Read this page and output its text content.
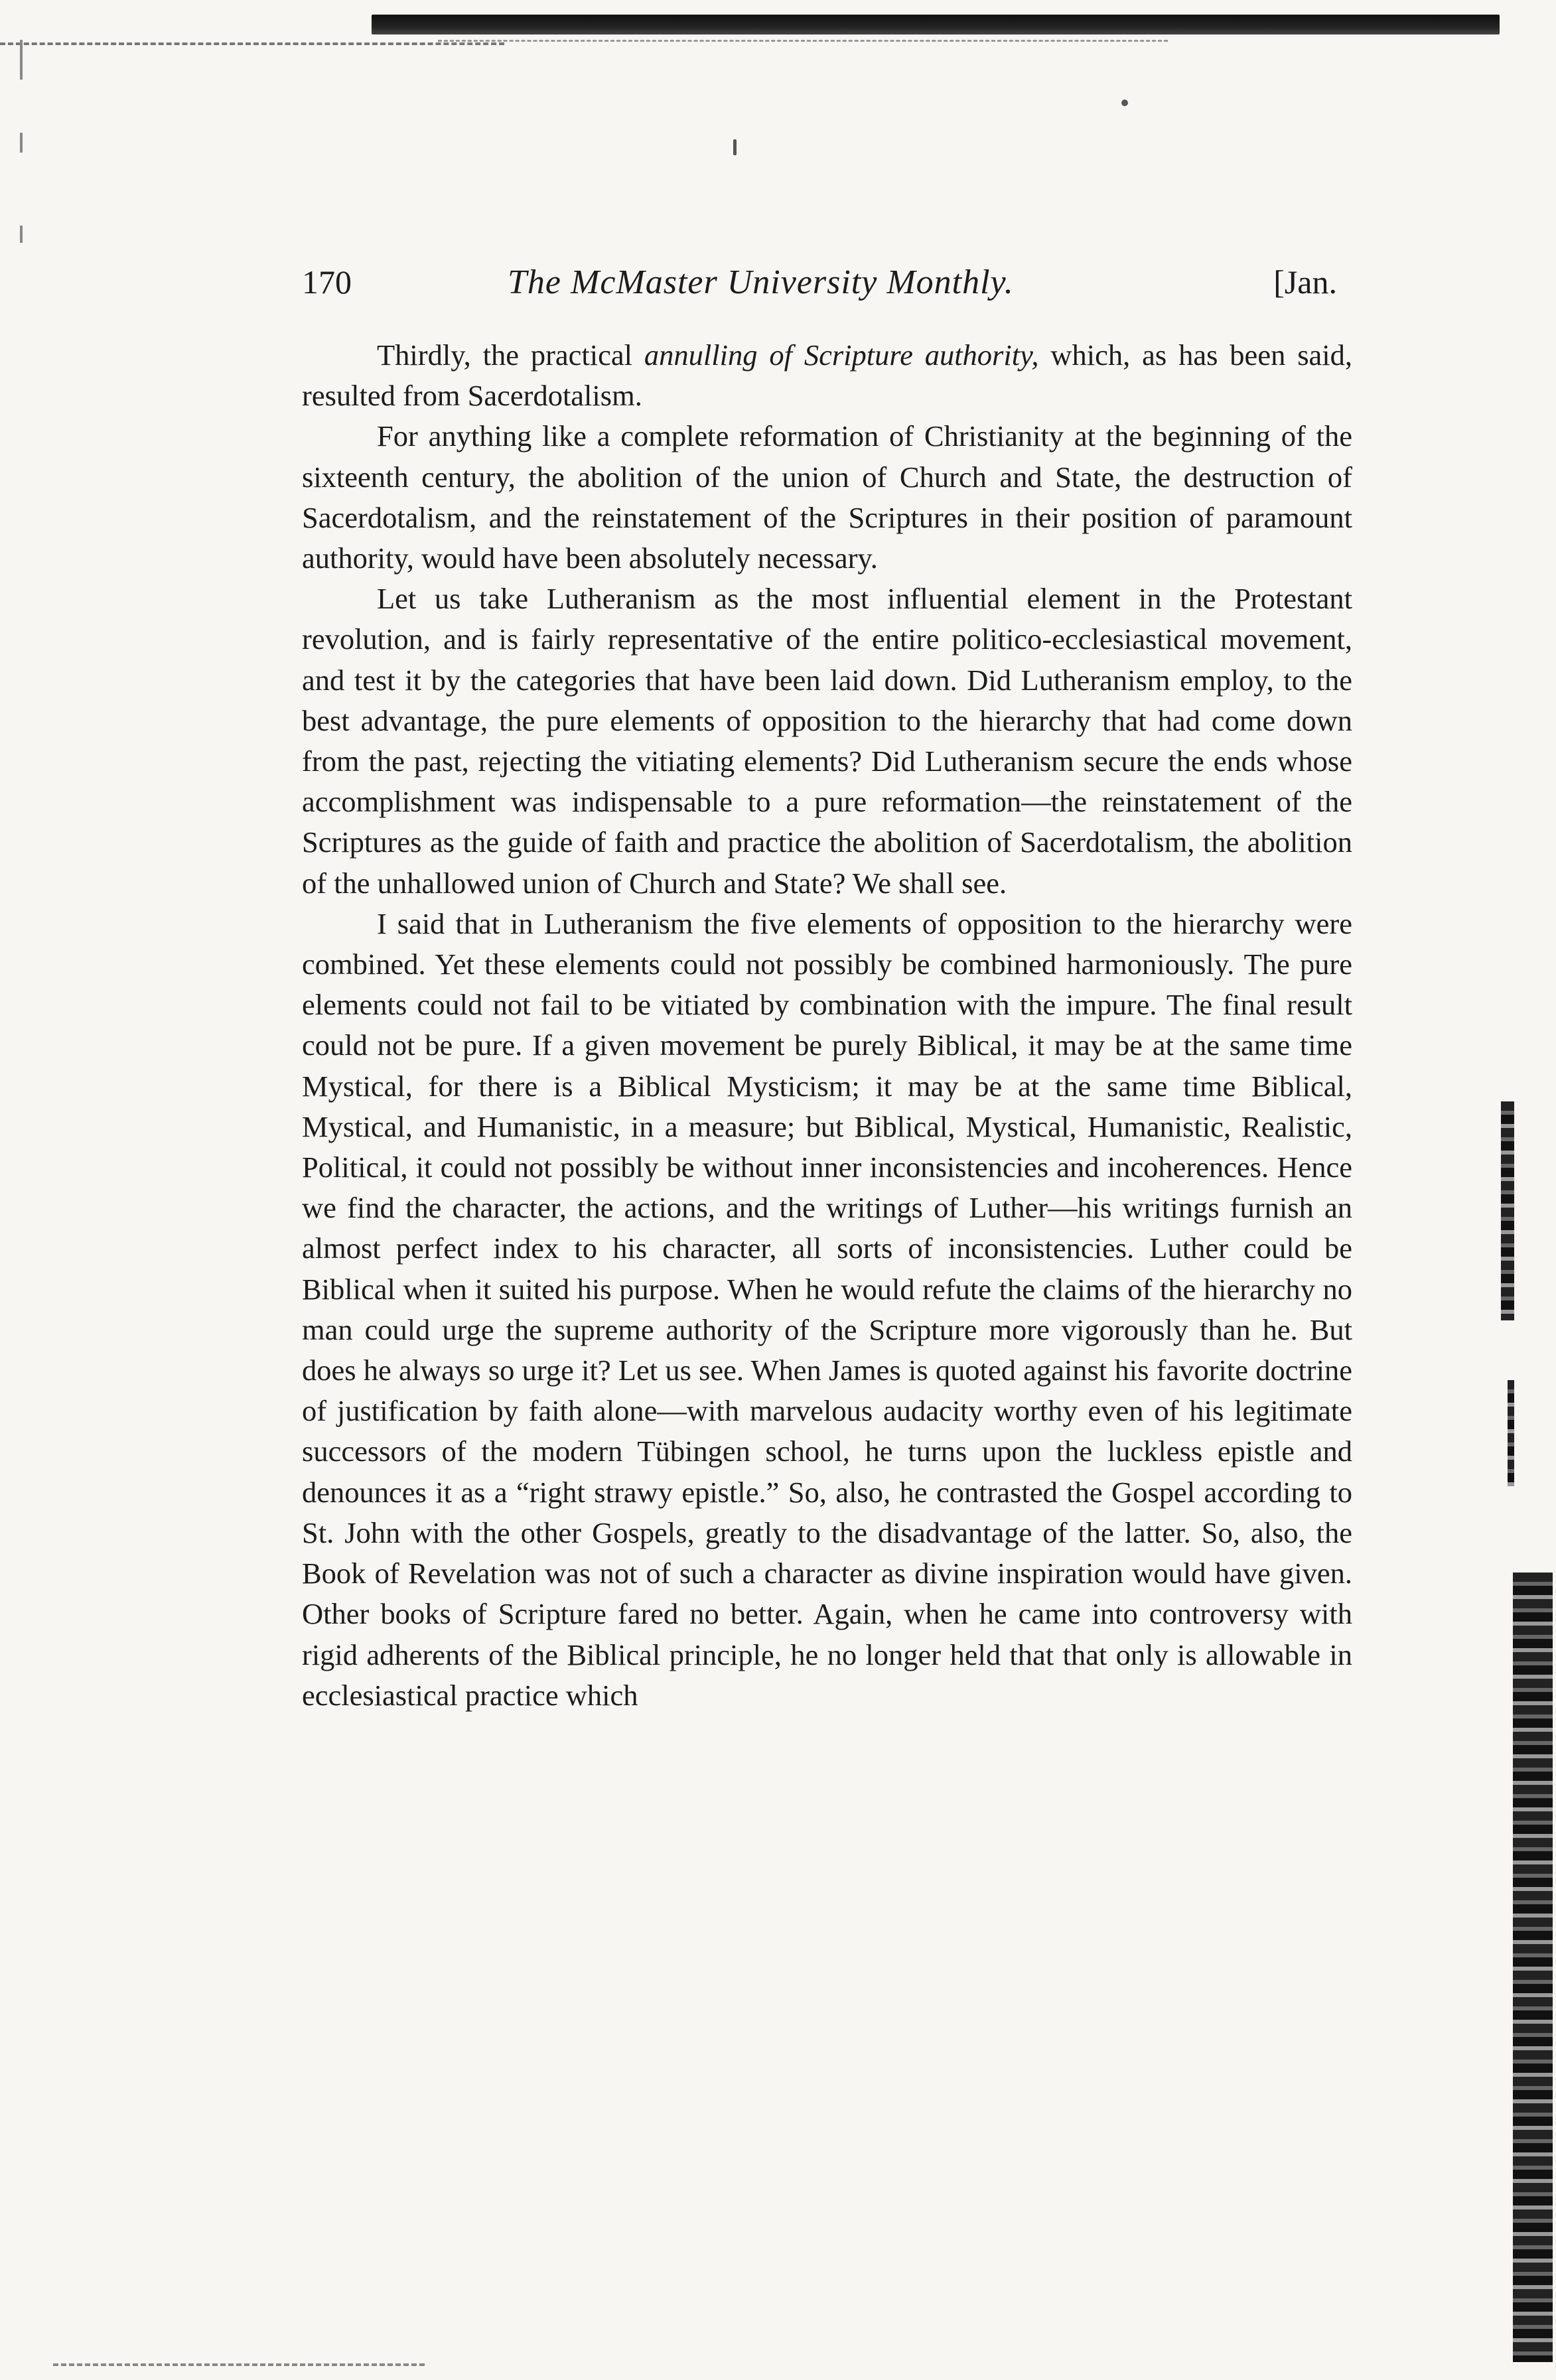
170	The McMaster University Monthly.	[Jan.

Thirdly, the practical annulling of Scripture authority, which, as has been said, resulted from Sacerdotalism.

For anything like a complete reformation of Christianity at the beginning of the sixteenth century, the abolition of the union of Church and State, the destruction of Sacerdotalism, and the reinstatement of the Scriptures in their position of paramount authority, would have been absolutely necessary.

Let us take Lutheranism as the most influential element in the Protestant revolution, and is fairly representative of the entire politico-ecclesiastical movement, and test it by the categories that have been laid down. Did Lutheranism employ, to the best advantage, the pure elements of opposition to the hierarchy that had come down from the past, rejecting the vitiating elements? Did Lutheranism secure the ends whose accomplishment was indispensable to a pure reformation—the reinstatement of the Scriptures as the guide of faith and practice the abolition of Sacerdotalism, the abolition of the unhallowed union of Church and State? We shall see.

I said that in Lutheranism the five elements of opposition to the hierarchy were combined. Yet these elements could not possibly be combined harmoniously. The pure elements could not fail to be vitiated by combination with the impure. The final result could not be pure. If a given movement be purely Biblical, it may be at the same time Mystical, for there is a Biblical Mysticism; it may be at the same time Biblical, Mystical, and Humanistic, in a measure; but Biblical, Mystical, Humanistic, Realistic, Political, it could not possibly be without inner inconsistencies and incoherences. Hence we find the character, the actions, and the writings of Luther—his writings furnish an almost perfect index to his character, all sorts of inconsistencies. Luther could be Biblical when it suited his purpose. When he would refute the claims of the hierarchy no man could urge the supreme authority of the Scripture more vigorously than he. But does he always so urge it? Let us see. When James is quoted against his favorite doctrine of justification by faith alone—with marvelous audacity worthy even of his legitimate successors of the modern Tübingen school, he turns upon the luckless epistle and denounces it as a “right strawy epistle.” So, also, he contrasted the Gospel according to St. John with the other Gospels, greatly to the disadvantage of the latter. So, also, the Book of Revelation was not of such a character as divine inspiration would have given. Other books of Scripture fared no better. Again, when he came into controversy with rigid adherents of the Biblical principle, he no longer held that that only is allowable in ecclesiastical practice which
